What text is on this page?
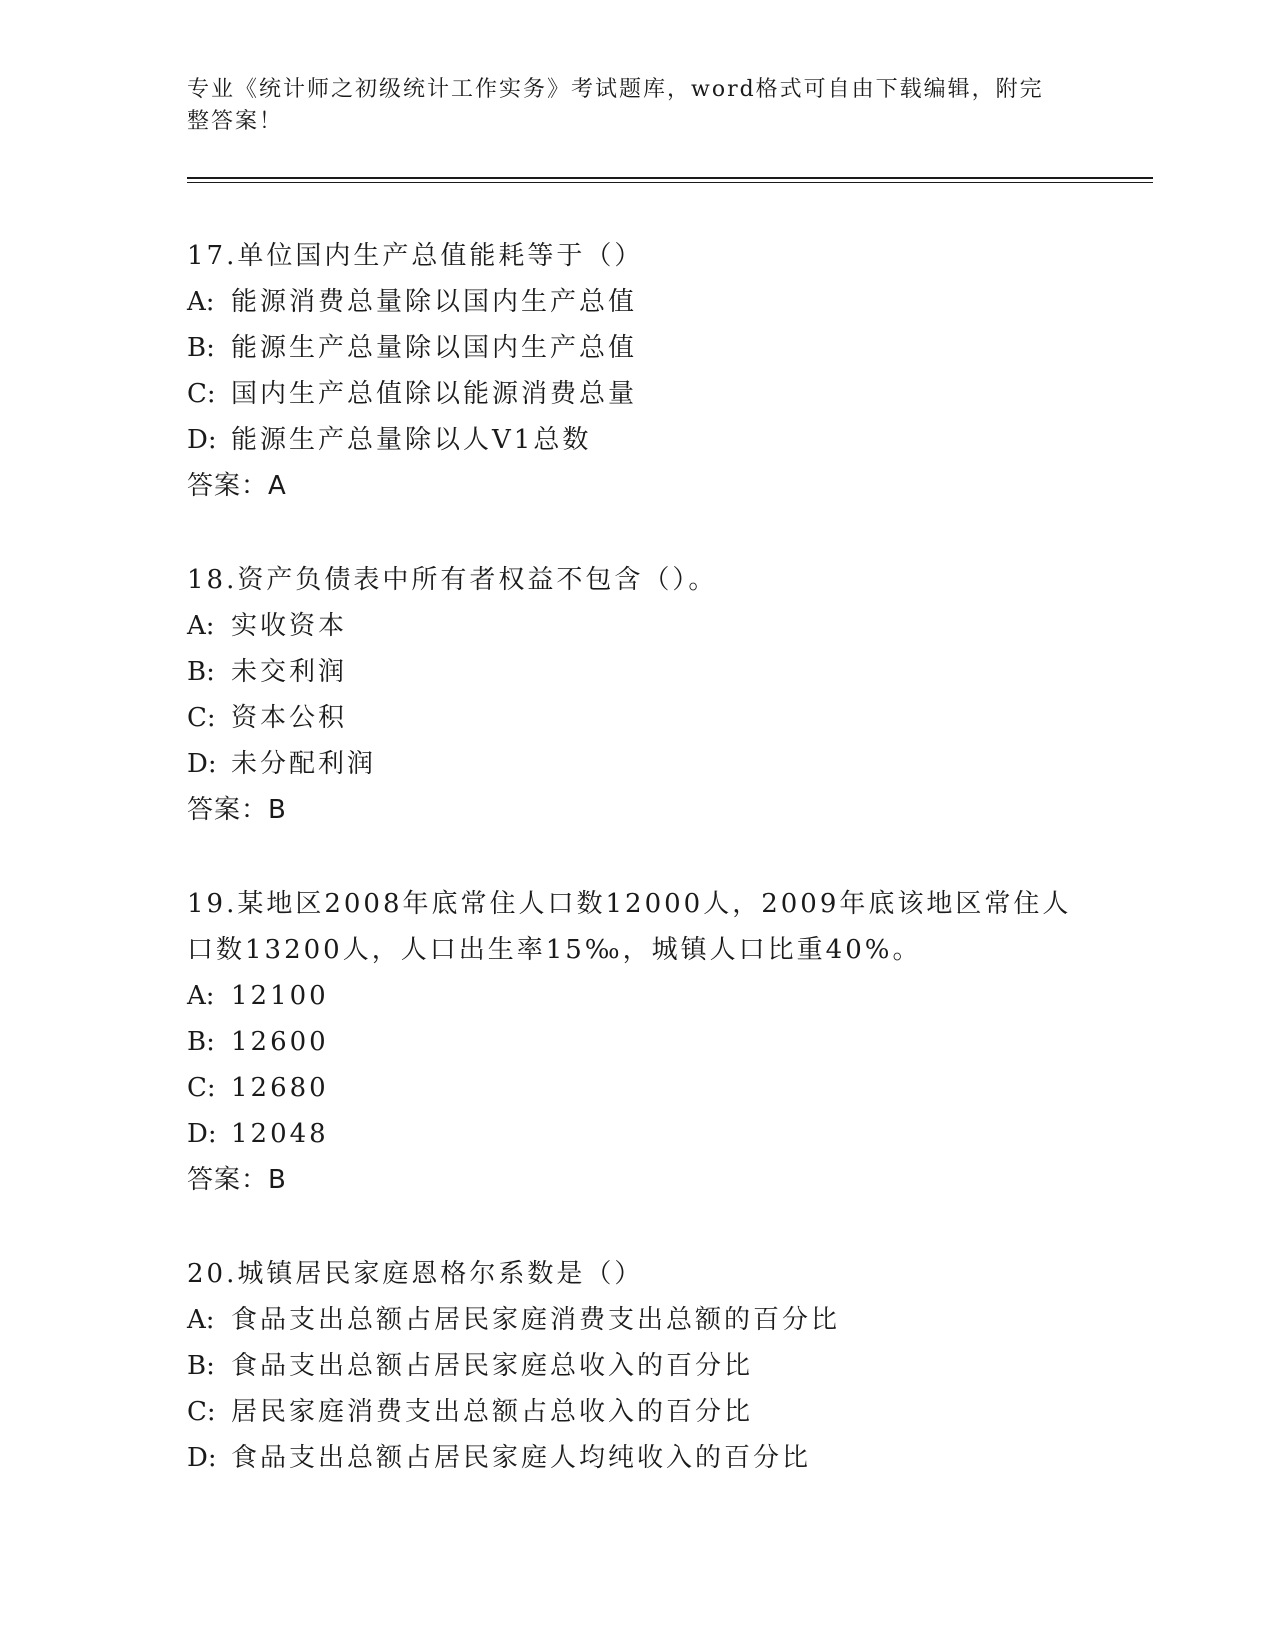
专业《统计师之初级统计工作实务》考试题库，word格式可自由下载编辑，附完整答案！
17.单位国内生产总值能耗等于（）
A: 能源消费总量除以国内生产总值
B: 能源生产总量除以国内生产总值
C: 国内生产总值除以能源消费总量
D: 能源生产总量除以人V1总数
答案：A
18.资产负债表中所有者权益不包含（）。
A: 实收资本
B: 未交利润
C: 资本公积
D: 未分配利润
答案：B
19.某地区2008年底常住人口数12000人，2009年底该地区常住人口数13200人，人口出生率15‰，城镇人口比重40%。
A: 12100
B: 12600
C: 12680
D: 12048
答案：B
20.城镇居民家庭恩格尔系数是（）
A: 食品支出总额占居民家庭消费支出总额的百分比
B: 食品支出总额占居民家庭总收入的百分比
C: 居民家庭消费支出总额占总收入的百分比
D: 食品支出总额占居民家庭人均纯收入的百分比
